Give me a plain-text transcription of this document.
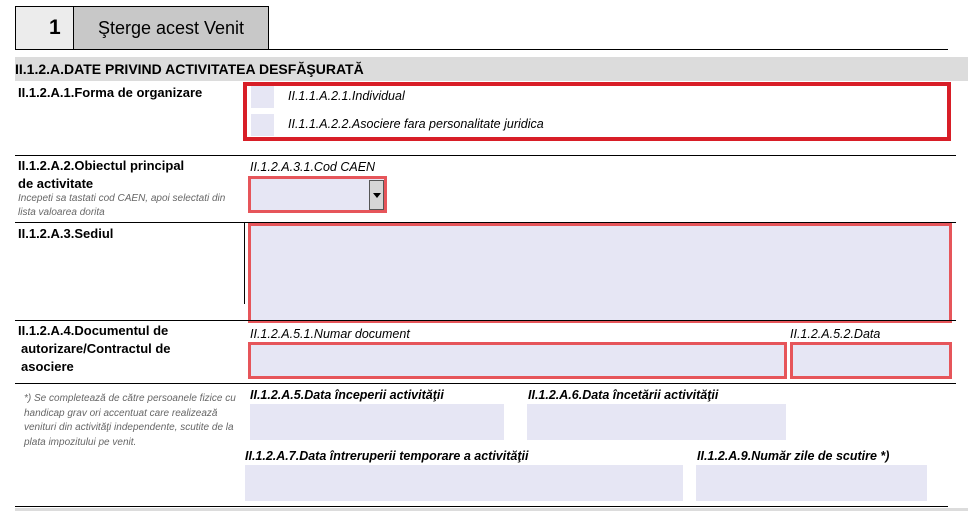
1	Şterge acest Venit
II.1.2.A.DATE PRIVIND ACTIVITATEA DESFĂŞURATĂ
II.1.2.A.1.Forma de organizare	II.1.1.A.2.1.Individual
II.1.1.A.2.2.Asociere fara personalitate juridica
II.1.2.A.2.Obiectul principal
de activitate
Incepeti sa tastati cod CAEN, apoi selectati din lista valoarea dorita
II.1.2.A.3.1.Cod CAEN
II.1.2.A.3.Sediul
II.1.2.A.4.Documentul de
autorizare/Contractul de
asociere
II.1.2.A.5.1.Numar document	II.1.2.A.5.2.Data
*) Se completează de către persoanele fizice cu handicap grav ori accentuat care realizează venituri din activităţi independente, scutite de la plata impozitului pe venit.
II.1.2.A.5.Data începerii activităţii	II.1.2.A.6.Data încetării activităţii
II.1.2.A.7.Data întreruperii temporare a activităţii	II.1.2.A.9.Număr zile de scutire *)
